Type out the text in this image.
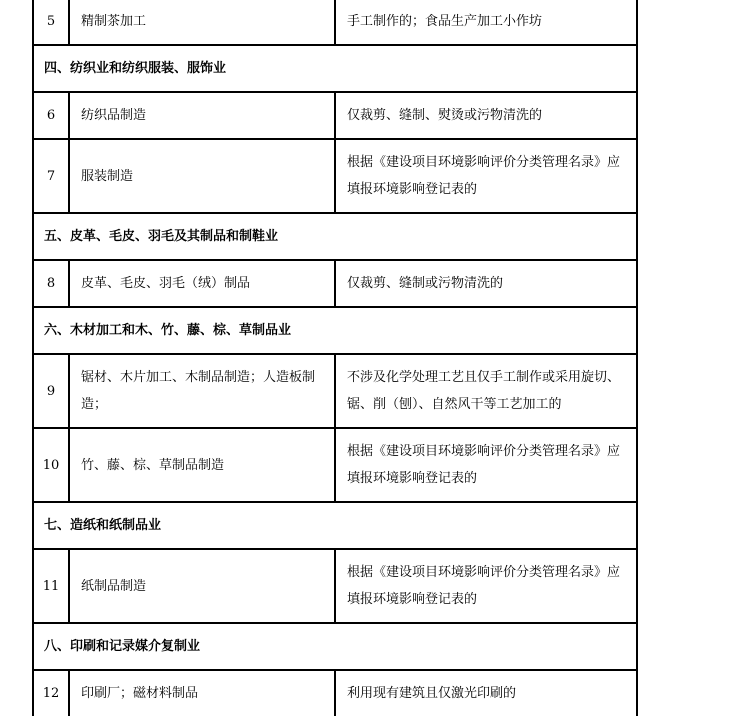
5	精制茶加工	手工制作的；食品生产加工小作坊
四、纺织业和纺织服装、服饰业		
6	纺织品制造	仅裁剪、缝制、熨烫或污物清洗的
7	服装制造	根据《建设项目环境影响评价分类管理名录》应填报环境影响登记表的
五、皮革、毛皮、羽毛及其制品和制鞋业		
8	皮革、毛皮、羽毛（绒）制品	仅裁剪、缝制或污物清洗的
六、木材加工和木、竹、藤、棕、草制品业		
9	锯材、木片加工、木制品制造；人造板制造；	不涉及化学处理工艺且仅手工制作或采用旋切、锯、削（刨）、自然风干等工艺加工的
10	竹、藤、棕、草制品制造	根据《建设项目环境影响评价分类管理名录》应填报环境影响登记表的
七、造纸和纸制品业		
11	纸制品制造	根据《建设项目环境影响评价分类管理名录》应填报环境影响登记表的
八、印刷和记录媒介复制业		
12	印刷厂；磁材料制品	利用现有建筑且仅激光印刷的
